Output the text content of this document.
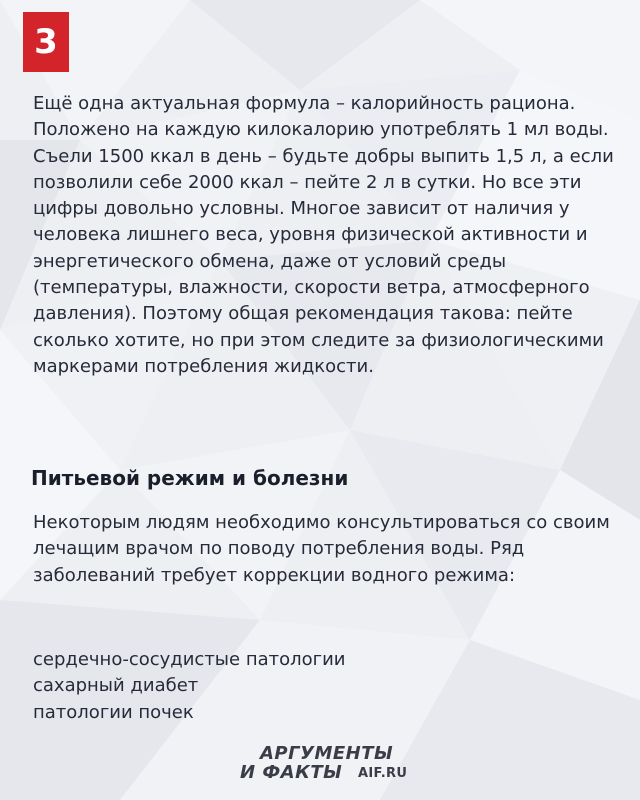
3

Ещё одна актуальная формула – калорийность рациона. Положено на каждую килокалорию употреблять 1 мл воды. Съели 1500 ккал в день – будьте добры выпить 1,5 л, а если позволили себе 2000 ккал – пейте 2 л в сутки. Но все эти цифры довольно условны. Многое зависит от наличия у человека лишнего веса, уровня физической активности и энергетического обмена, даже от условий среды (температуры, влажности, скорости ветра, атмосферного давления). Поэтому общая рекомендация такова: пейте сколько хотите, но при этом следите за физиологическими маркерами потребления жидкости.

Питьевой режим и болезни

Некоторым людям необходимо консультироваться со своим лечащим врачом по поводу потребления воды. Ряд заболеваний требует коррекции водного режима:

сердечно-сосудистые патологии
сахарный диабет
патологии почек
АРГУМЕНТЫ
И ФАКТЫ AIF.RU
